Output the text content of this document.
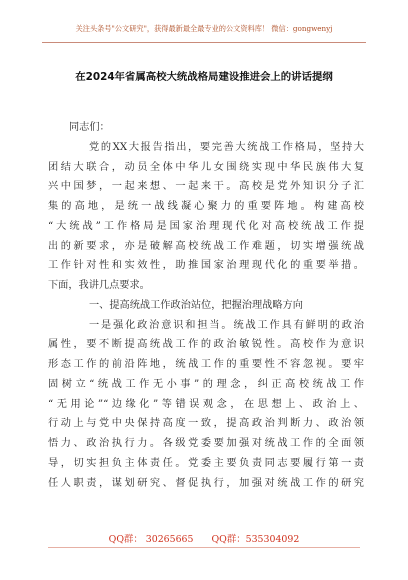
关注头条号"公文研究"，获得最新最全最专业的公文资料库！ 微信：gongwenyj
在2024年省属高校大统战格局建设推进会上的讲话提纲
同志们：
党的XX大报告指出，要完善大统战工作格局，坚持大
团结大联合，动员全体中华儿女围绕实现中华民族伟大复
兴中国梦，一起来想、一起来干。高校是党外知识分子汇
集的高地，是统一战线凝心聚力的重要阵地。构建高校
“大统战”工作格局是国家治理现代化对高校统战工作提
出的新要求，亦是破解高校统战工作难题，切实增强统战
工作针对性和实效性，助推国家治理现代化的重要举措。
下面，我讲几点要求。
一、提高统战工作政治站位，把握治理战略方向
一是强化政治意识和担当。统战工作具有鲜明的政治
属性，要不断提高统战工作的政治敏锐性。高校作为意识
形态工作的前沿阵地，统战工作的重要性不容忽视。要牢
固树立“统战工作无小事”的理念，纠正高校统战工作
“无用论”“边缘化”等错误观念，在思想上、政治上、
行动上与党中央保持高度一致，提高政治判断力、政治领
悟力、政治执行力。各级党委要加强对统战工作的全面领
导，切实担负主体责任。党委主要负责同志要履行第一责
任人职责，谋划研究、督促执行，加强对统战工作的研究
QQ群： 30265665 QQ群：535304092
